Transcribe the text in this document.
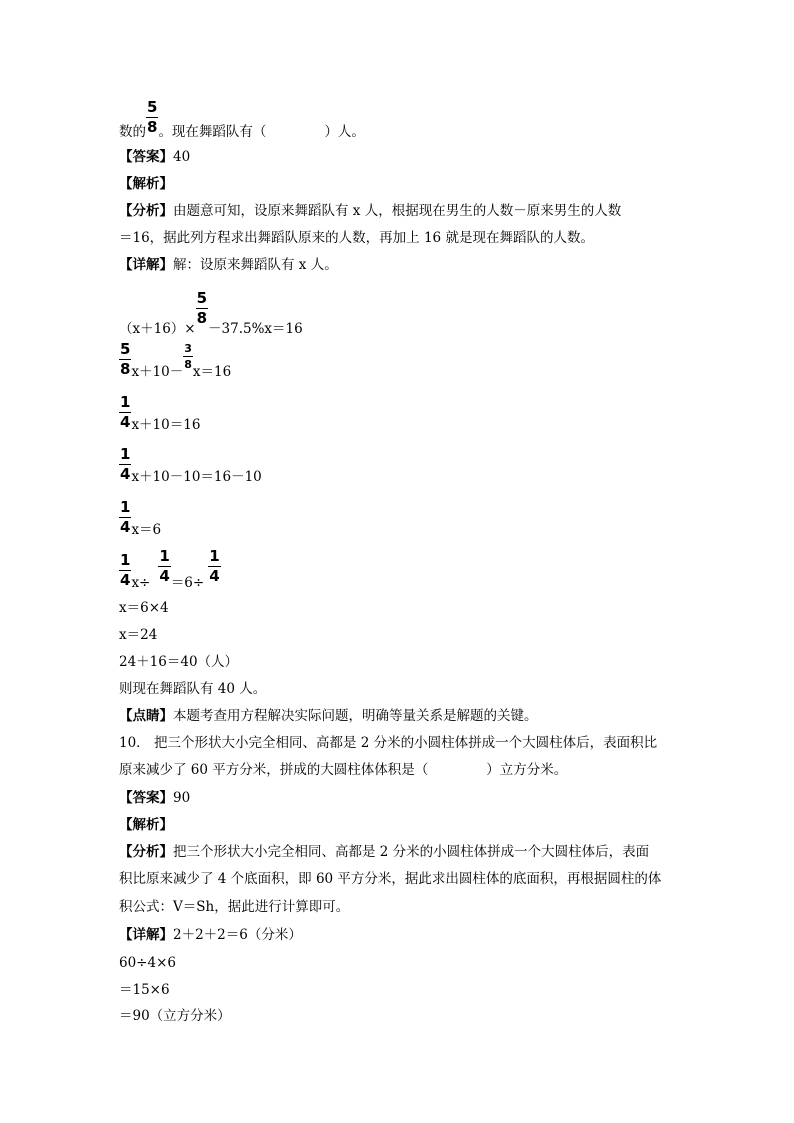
数的 $\frac{5}{8}$ 。现在舞蹈队有（	）人。
【答案】40
【解析】
【分析】由题意可知，设原来舞蹈队有 x 人，根据现在男生的人数－原来男生的人数
＝16，据此列方程求出舞蹈队原来的人数，再加上 16 就是现在舞蹈队的人数。
【详解】解：设原来舞蹈队有 x 人。
（x＋16）×
$\frac{5}{8}$
－37.5%x＝16
$\frac{5}{8} x+10-$
$\frac{3}{8}$
x＝16
$\frac{1}{4} x+10=16$
$\frac{1}{4} x+10-10=16-10$
$\frac{1}{4} x=6$
$\frac{1}{4} x\div \frac{1}{4} =6\div \frac{1}{4}$
x＝6×4
x＝24
24＋16＝40（人）
则现在舞蹈队有 40 人。
【点睛】本题考查用方程解决实际问题，明确等量关系是解题的关键。
10． 把三个形状大小完全相同、高都是 2 分米的小圆柱体拼成一个大圆柱体后，表面积比
原来减少了 60 平方分米，拼成的大圆柱体体积是（	）立方分米。
【答案】90
【解析】
【分析】把三个形状大小完全相同、高都是 2 分米的小圆柱体拼成一个大圆柱体后，表面
积比原来减少了 4 个底面积，即 60 平方分米，据此求出圆柱体的底面积，再根据圆柱的体
积公式：V＝Sh，据此进行计算即可。
【详解】2＋2＋2＝6（分米）
60÷4×6
＝15×6
＝90（立方分米）
